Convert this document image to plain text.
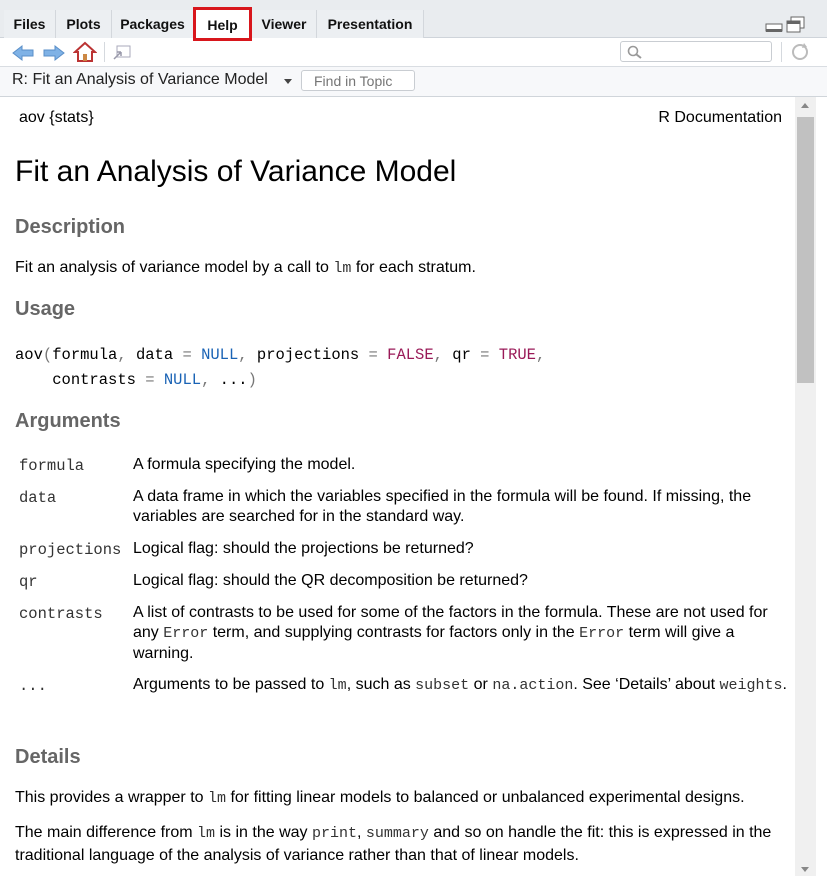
Files	Plots	Packages	Help	Viewer	Presentation
R: Fit an Analysis of Variance Model
Find in Topic
aov {stats}	R Documentation
Fit an Analysis of Variance Model
Description
Fit an analysis of variance model by a call to lm for each stratum.
Usage
aov(formula, data = NULL, projections = FALSE, qr = TRUE,
contrasts = NULL, ...)
Arguments
formula	A formula specifying the model.
data	A data frame in which the variables specified in the formula will be found. If missing, the variables are searched for in the standard way.
projections Logical flag: should the projections be returned?
qr	Logical flag: should the QR decomposition be returned?
contrasts A list of contrasts to be used for some of the factors in the formula. These are not used for any Error term, and supplying contrasts for factors only in the Error term will give a warning.
...	Arguments to be passed to lm, such as subset or na.action. See ‘Details’ about weights.
Details
This provides a wrapper to lm for fitting linear models to balanced or unbalanced experimental designs.
The main difference from lm is in the way print, summary and so on handle the fit: this is expressed in the traditional language of the analysis of variance rather than that of linear models.
